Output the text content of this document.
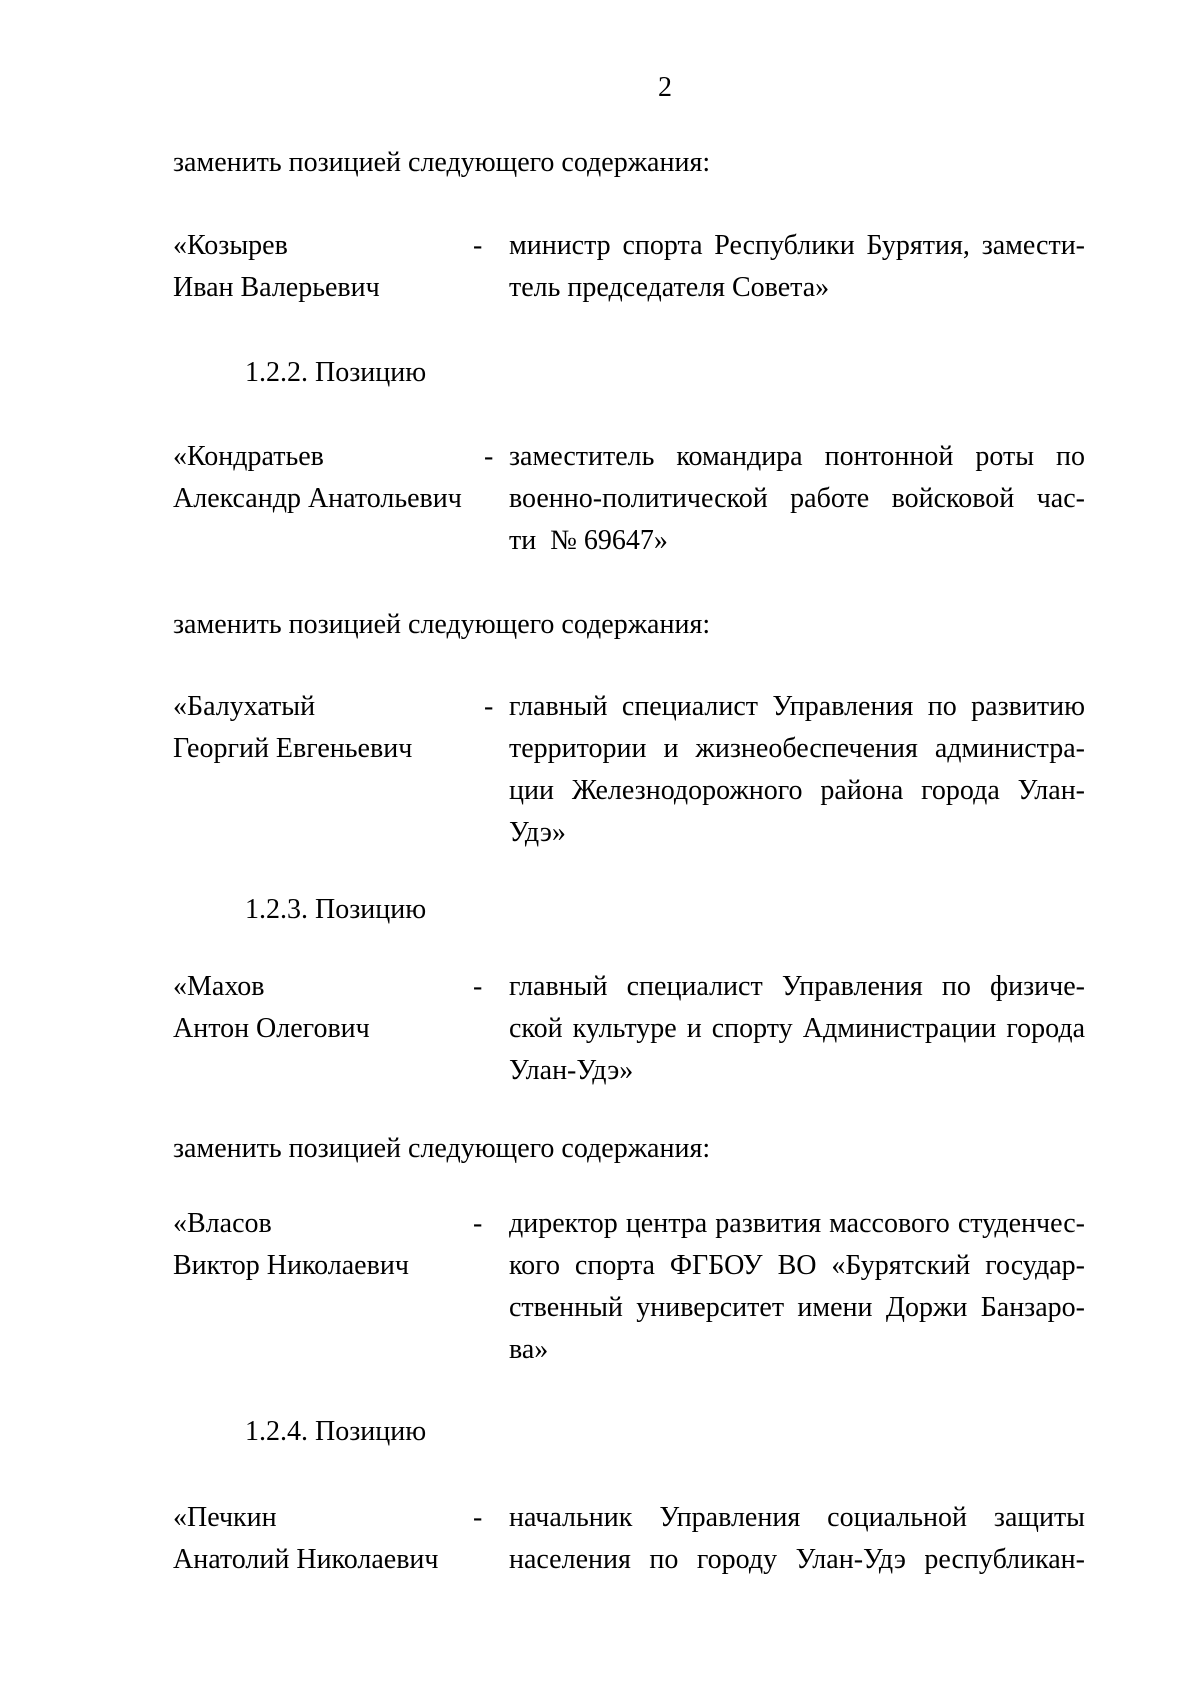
2
заменить позицией следующего содержания:
«Козырев
Иван Валерьевич
- министр спорта Республики Бурятия, замести-
тель председателя Совета»
1.2.2. Позицию
«Кондратьев
Александр Анатольевич
- заместитель командира понтонной роты по
военно-политической работе войсковой час-
ти  № 69647»
заменить позицией следующего содержания:
«Балухатый
Георгий Евгеньевич
- главный специалист Управления по развитию
территории и жизнеобеспечения администра-
ции Железнодорожного района города Улан-
Удэ»
1.2.3. Позицию
«Махов
Антон Олегович
- главный специалист Управления по физиче-
ской культуре и спорту Администрации города
Улан-Удэ»
заменить позицией следующего содержания:
«Власов
Виктор Николаевич
- директор центра развития массового студенчес-
кого спорта ФГБОУ ВО «Бурятский государ-
ственный университет имени Доржи Банзаро-
ва»
1.2.4. Позицию
«Печкин
Анатолий Николаевич
- начальник Управления социальной защиты
населения по городу Улан-Удэ республикан-
